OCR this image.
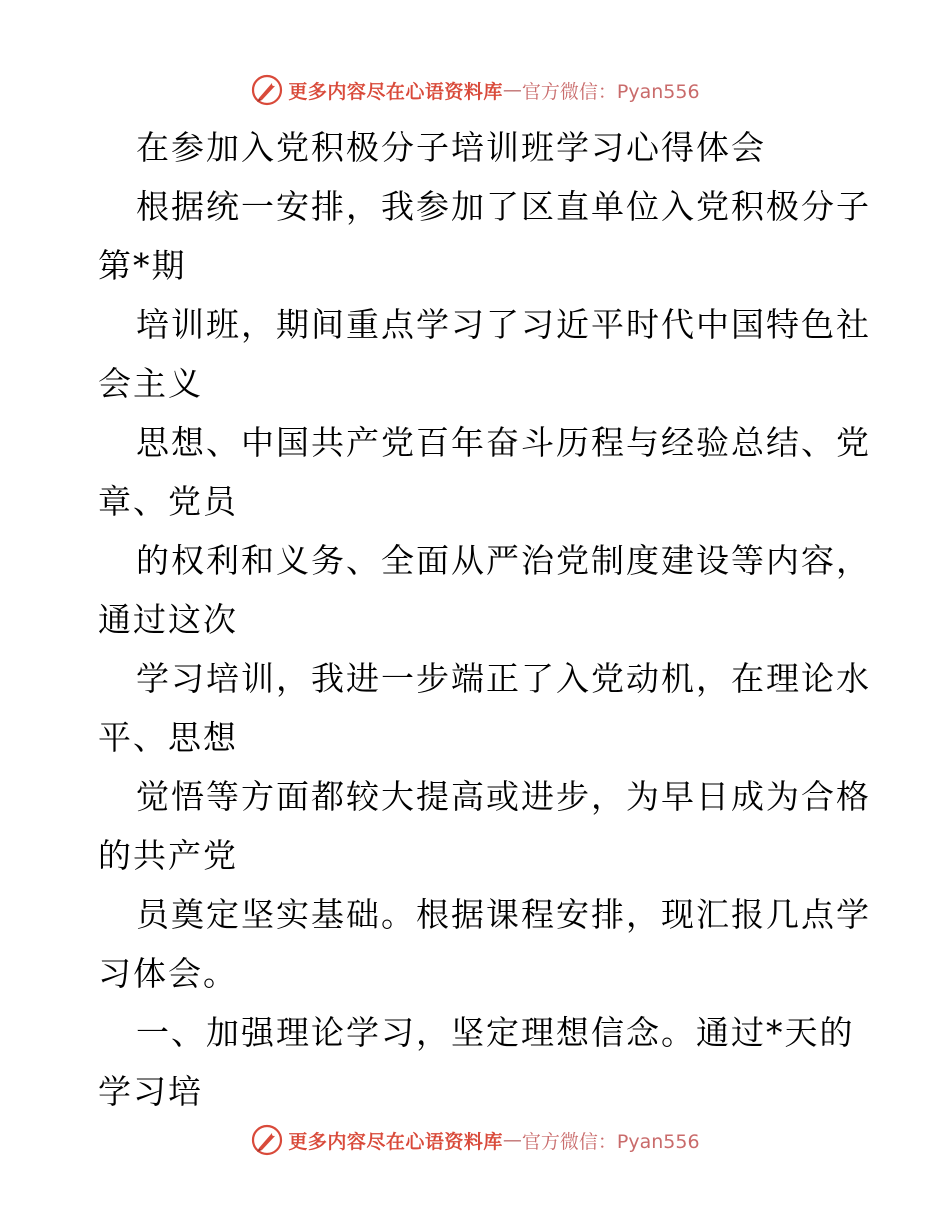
更多内容尽在心语资料库 — 官方微信：Pyan556
在参加入党积极分子培训班学习心得体会
根据统一安排，我参加了区直单位入党积极分子
第*期
培训班，期间重点学习了习近平时代中国特色社
会主义
思想、中国共产党百年奋斗历程与经验总结、党
章、党员
的权利和义务、全面从严治党制度建设等内容，
通过这次
学习培训，我进一步端正了入党动机，在理论水
平、思想
觉悟等方面都较大提高或进步，为早日成为合格
的共产党
员奠定坚实基础。根据课程安排，现汇报几点学
习体会。
一、加强理论学习，坚定理想信念。通过*天的
学习培
更多内容尽在心语资料库 — 官方微信：Pyan556
